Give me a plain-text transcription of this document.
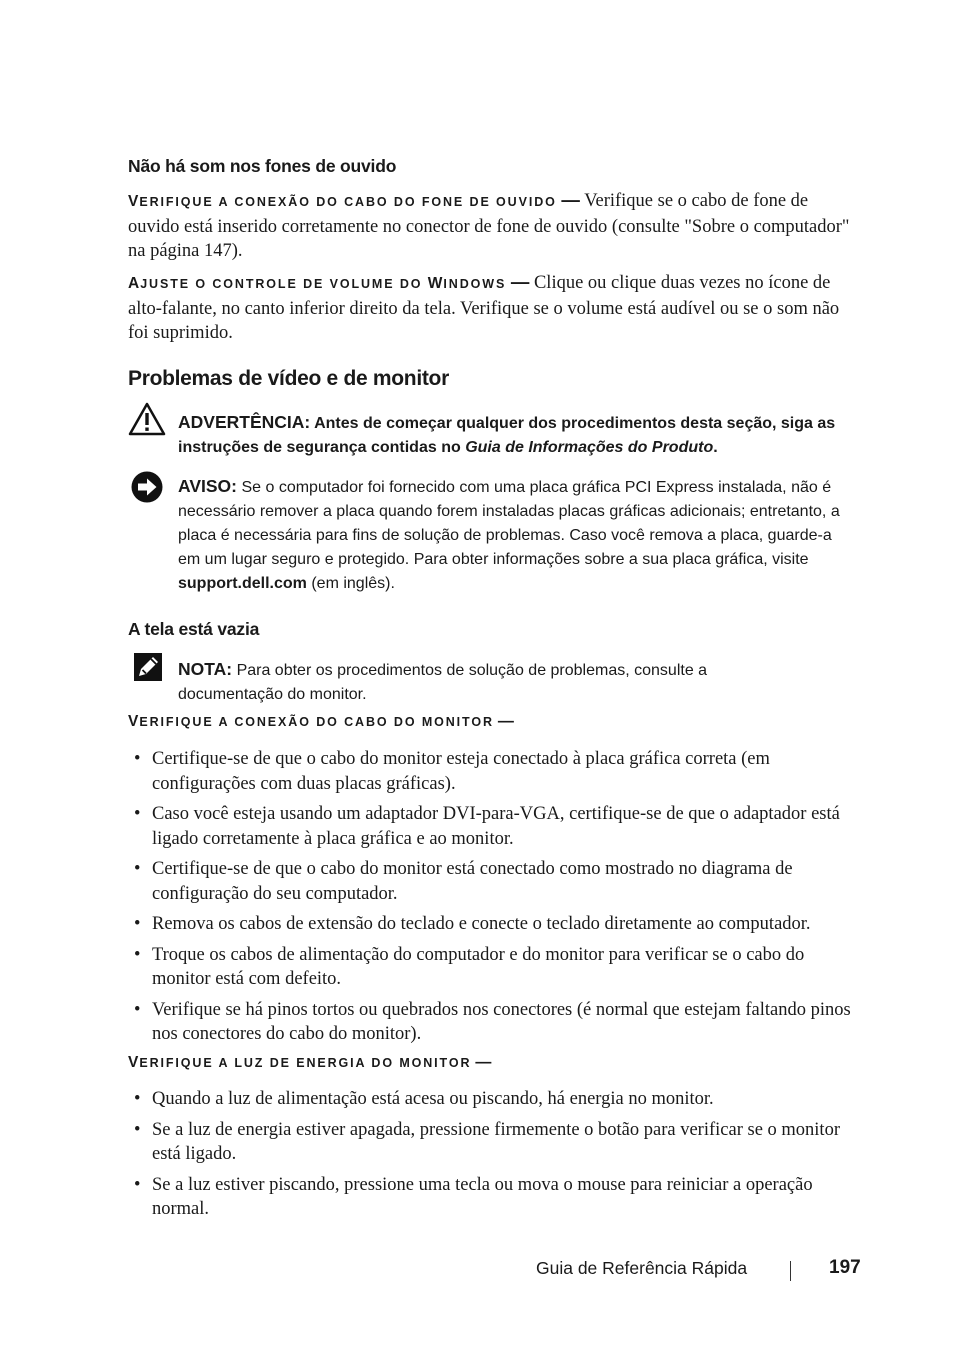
Não há som nos fones de ouvido
VERIFIQUE A CONEXÃO DO CABO DO FONE DE OUVIDO — Verifique se o cabo de fone de ouvido está inserido corretamente no conector de fone de ouvido (consulte "Sobre o computador" na página 147).
AJUSTE O CONTROLE DE VOLUME DO WINDOWS — Clique ou clique duas vezes no ícone de alto-falante, no canto inferior direito da tela. Verifique se o volume está audível ou se o som não foi suprimido.
Problemas de vídeo e de monitor
ADVERTÊNCIA: Antes de começar qualquer dos procedimentos desta seção, siga as instruções de segurança contidas no Guia de Informações do Produto.
AVISO: Se o computador foi fornecido com uma placa gráfica PCI Express instalada, não é necessário remover a placa quando forem instaladas placas gráficas adicionais; entretanto, a placa é necessária para fins de solução de problemas. Caso você remova a placa, guarde-a em um lugar seguro e protegido. Para obter informações sobre a sua placa gráfica, visite support.dell.com (em inglês).
A tela está vazia
NOTA: Para obter os procedimentos de solução de problemas, consulte a documentação do monitor.
VERIFIQUE A CONEXÃO DO CABO DO MONITOR —
• Certifique-se de que o cabo do monitor esteja conectado à placa gráfica correta (em configurações com duas placas gráficas).
• Caso você esteja usando um adaptador DVI-para-VGA, certifique-se de que o adaptador está ligado corretamente à placa gráfica e ao monitor.
• Certifique-se de que o cabo do monitor está conectado como mostrado no diagrama de configuração do seu computador.
• Remova os cabos de extensão do teclado e conecte o teclado diretamente ao computador.
• Troque os cabos de alimentação do computador e do monitor para verificar se o cabo do monitor está com defeito.
• Verifique se há pinos tortos ou quebrados nos conectores (é normal que estejam faltando pinos nos conectores do cabo do monitor).
VERIFIQUE A LUZ DE ENERGIA DO MONITOR —
• Quando a luz de alimentação está acesa ou piscando, há energia no monitor.
• Se a luz de energia estiver apagada, pressione firmemente o botão para verificar se o monitor está ligado.
• Se a luz estiver piscando, pressione uma tecla ou mova o mouse para reiniciar a operação normal.
Guia de Referência Rápida	197
